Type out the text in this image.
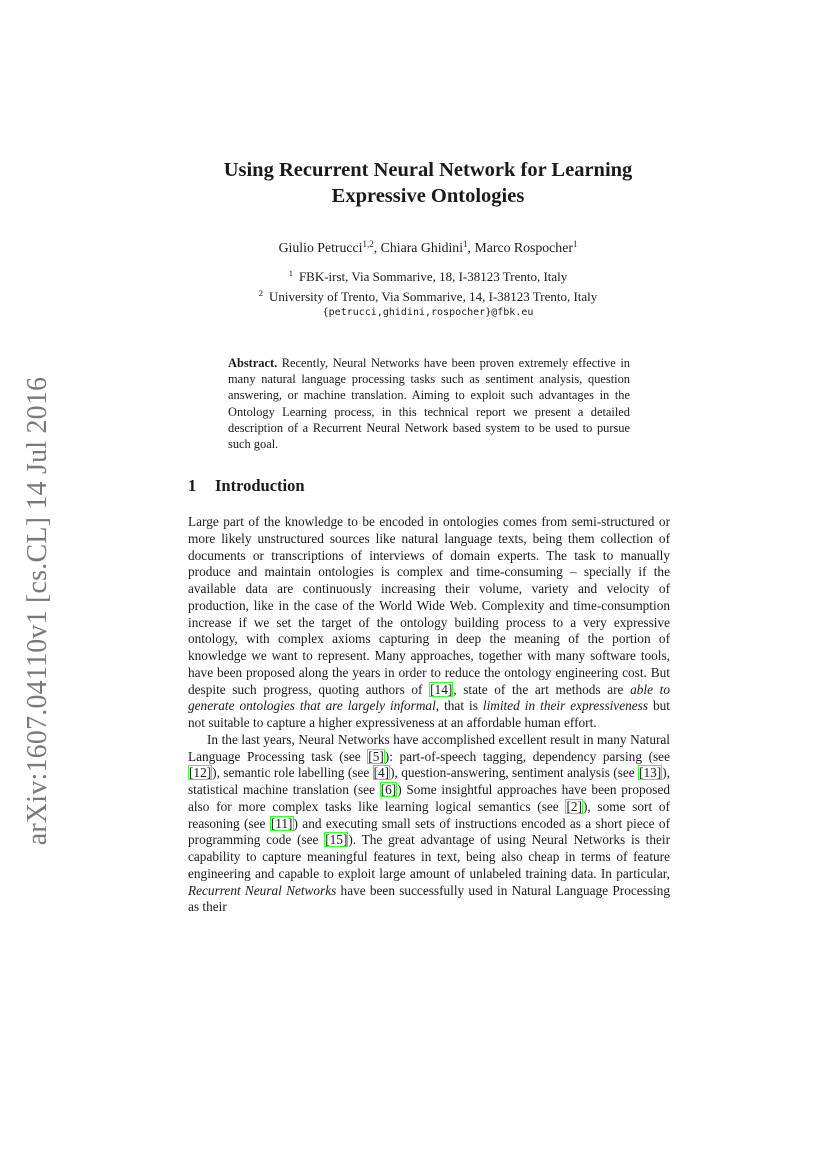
arXiv:1607.04110v1 [cs.CL] 14 Jul 2016
Using Recurrent Neural Network for Learning
Expressive Ontologies
Giulio Petrucci$^{1,2}$, Chiara Ghidini$^1$, Marco Rospocher$^1$
$^1$ FBK-irst, Via Sommarive, 18, I-38123 Trento, Italy
$^2$ University of Trento, Via Sommarive, 14, I-38123 Trento, Italy
{petrucci,ghidini,rospocher}@fbk.eu
Abstract. Recently, Neural Networks have been proven extremely effective in many natural language processing tasks such as sentiment analysis, question answering, or machine translation. Aiming to exploit such advantages in the Ontology Learning process, in this technical report we present a detailed description of a Recurrent Neural Network based system to be used to pursue such goal.
1 Introduction

Large part of the knowledge to be encoded in ontologies comes from semi-structured or more likely unstructured sources like natural language texts, being them collection of documents or transcriptions of interviews of domain experts. The task to manually produce and maintain ontologies is complex and time-consuming – specially if the available data are continuously increasing their volume, variety and velocity of production, like in the case of the World Wide Web. Complexity and time-consumption increase if we set the target of the ontology building process to a very expressive ontology, with complex axioms capturing in deep the meaning of the portion of knowledge we want to represent. Many approaches, together with many software tools, have been proposed along the years in order to reduce the ontology engineering cost. But despite such progress, quoting authors of [14], state of the art methods are able to generate ontologies that are largely informal, that is limited in their expressiveness but not suitable to capture a higher expressiveness at an affordable human effort.

In the last years, Neural Networks have accomplished excellent result in many Natural Language Processing task (see [5]): part-of-speech tagging, dependency parsing (see [12]), semantic role labelling (see [4]), question-answering, sentiment analysis (see [13]), statistical machine translation (see [6]) Some insightful approaches have been proposed also for more complex tasks like learning logical semantics (see [2]), some sort of reasoning (see [11]) and executing small sets of instructions encoded as a short piece of programming code (see [15]). The great advantage of using Neural Networks is their capability to capture meaningful features in text, being also cheap in terms of feature engineering and capable to exploit large amount of unlabeled training data. In particular, Recurrent Neural Networks have been successfully used in Natural Language Processing as their
